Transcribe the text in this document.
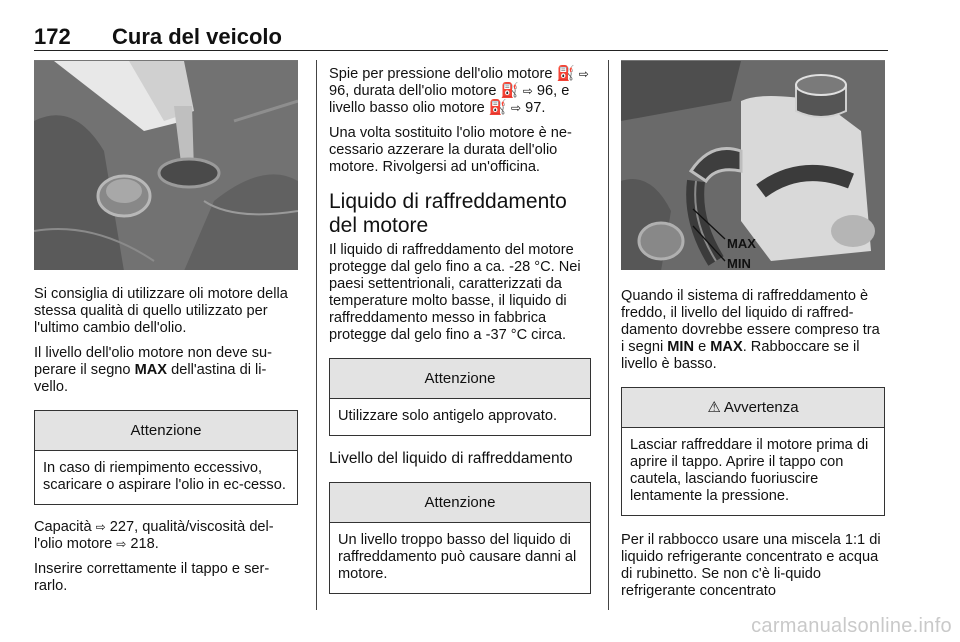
172 Cura del veicolo
Si consiglia di utilizzare oli motore della stessa qualità di quello utilizzato per l'ultimo cambio dell'olio.
Il livello dell'olio motore non deve su-perare il segno MAX dell'astina di li-vello.
Attenzione
In caso di riempimento eccessivo, scaricare o aspirare l'olio in ec-cesso.
Capacità ⇨ 227, qualità/viscosità del-l'olio motore ⇨ 218.
Inserire correttamente il tappo e ser-rarlo.
Spie per pressione dell'olio motore ⛽ ⇨ 96, durata dell'olio motore ⛽ ⇨ 96, e livello basso olio motore ⛽ ⇨ 97.
Una volta sostituito l'olio motore è ne-cessario azzerare la durata dell'olio motore. Rivolgersi ad un'officina.
Liquido di raffreddamento del motore
Il liquido di raffreddamento del motore protegge dal gelo fino a ca. -28 °C. Nei paesi settentrionali, caratterizzati da temperature molto basse, il liquido di raffreddamento messo in fabbrica protegge dal gelo fino a -37 °C circa.
Attenzione
Utilizzare solo antigelo approvato.
Livello del liquido di raffreddamento
Attenzione
Un livello troppo basso del liquido di raffreddamento può causare danni al motore.
MAX
MIN
Quando il sistema di raffreddamento è freddo, il livello del liquido di raffred-damento dovrebbe essere compreso tra i segni MIN e MAX. Rabboccare se il livello è basso.
⚠ Avvertenza
Lasciar raffreddare il motore prima di aprire il tappo. Aprire il tappo con cautela, lasciando fuoriuscire lentamente la pressione.
Per il rabbocco usare una miscela 1:1 di liquido refrigerante concentrato e acqua di rubinetto. Se non c'è li-quido refrigerante concentrato
carmanualsonline.info
